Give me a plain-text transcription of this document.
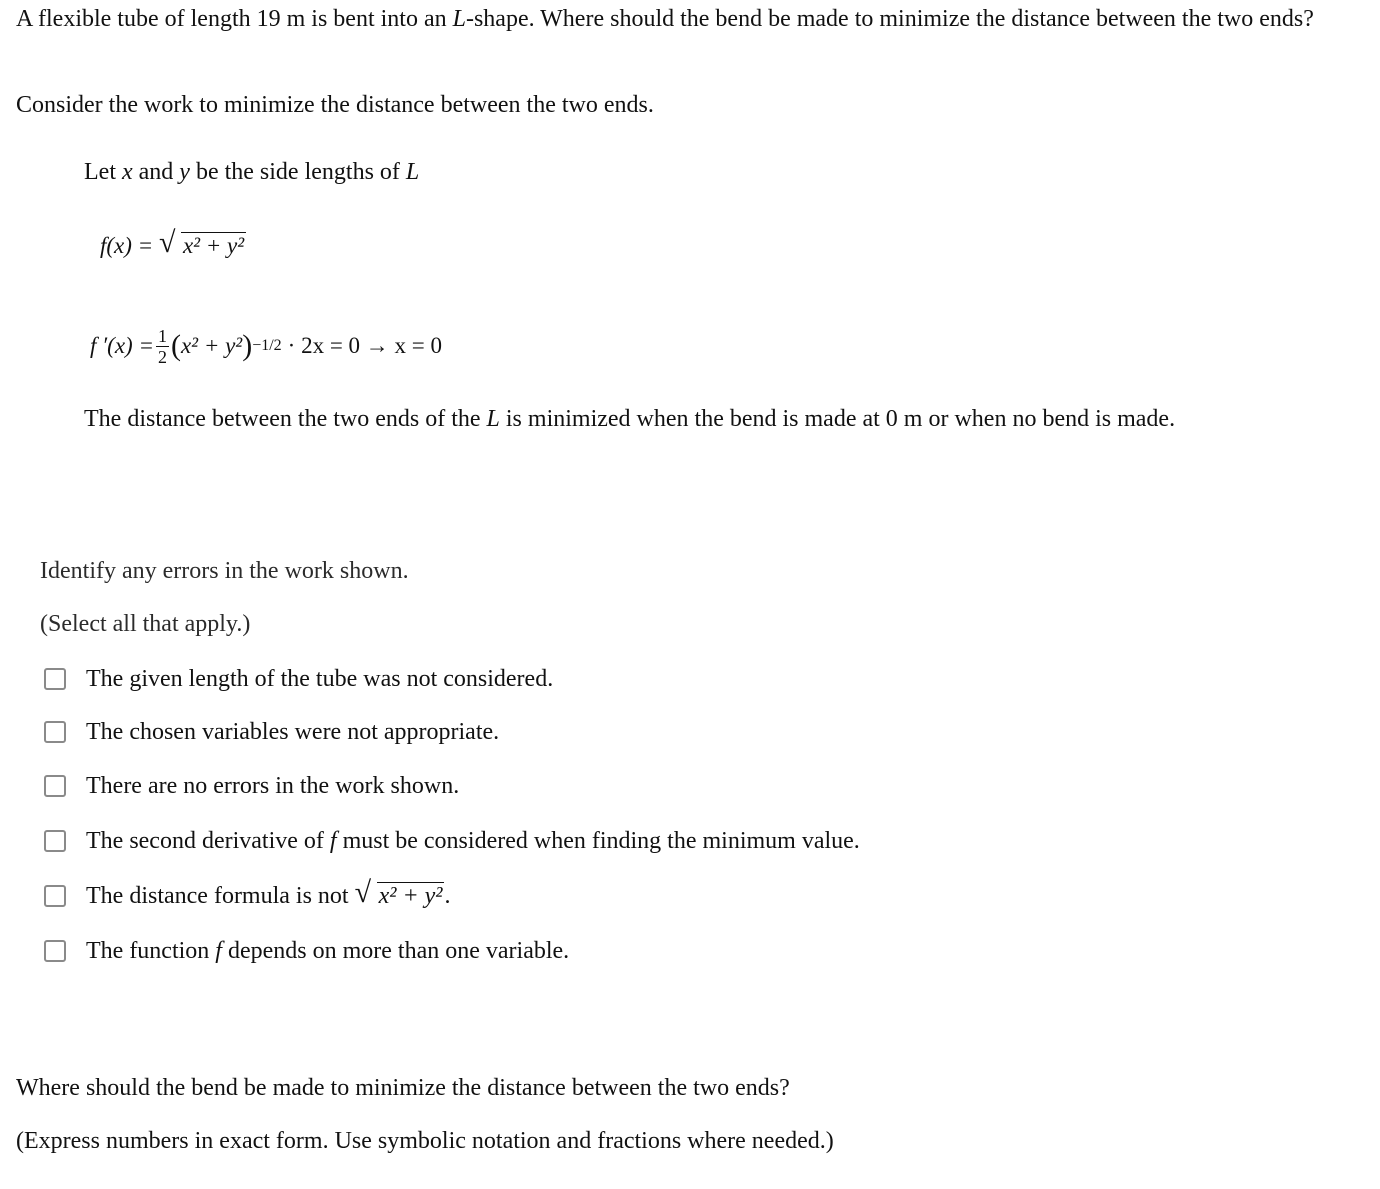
A flexible tube of length 19 m is bent into an L-shape. Where should the bend be made to minimize the distance between the two ends?
Consider the work to minimize the distance between the two ends.
Let x and y be the side lengths of L
f(x) = √ x² + y²
f $'(x) = \frac{1}{2}$ ( x² + y² ) −1/2 · 2x = 0 → x = 0
The distance between the two ends of the L is minimized when the bend is made at 0 m or when no bend is made.
Identify any errors in the work shown.
(Select all that apply.)
The given length of the tube was not considered.
The chosen variables were not appropriate.
There are no errors in the work shown.
The second derivative of f must be considered when finding the minimum value.
The distance formula is not √ x² + y².
The function f depends on more than one variable.
Where should the bend be made to minimize the distance between the two ends?
(Express numbers in exact form. Use symbolic notation and fractions where needed.)
